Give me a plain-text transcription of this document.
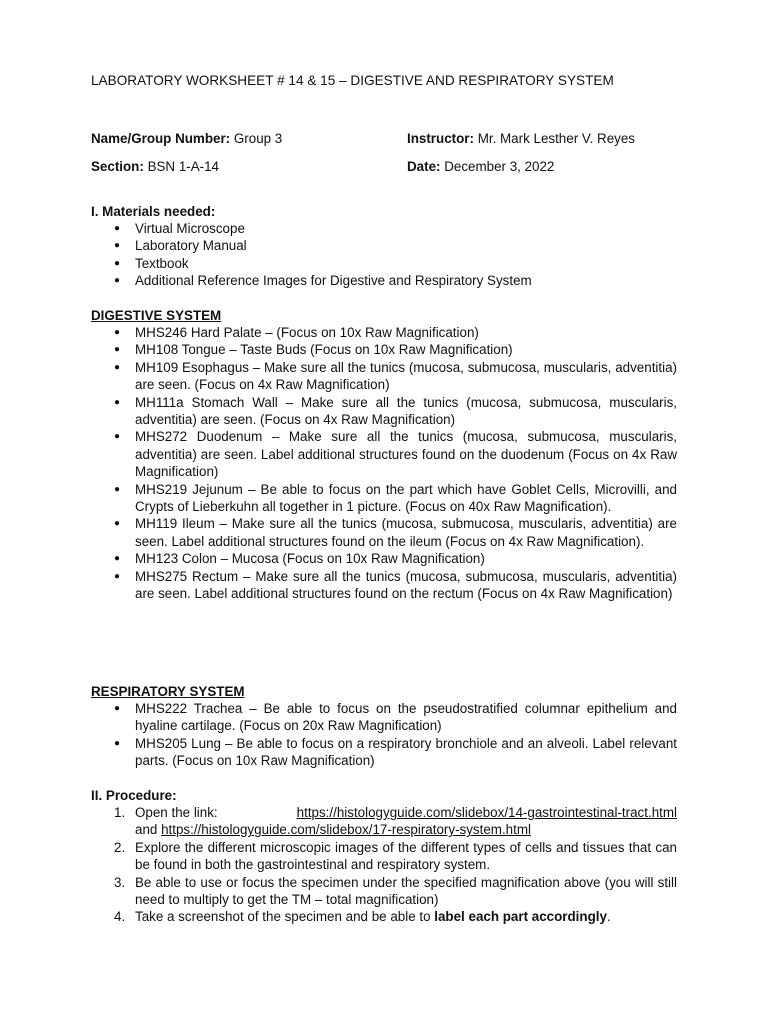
LABORATORY WORKSHEET # 14 & 15 – DIGESTIVE AND RESPIRATORY SYSTEM
Name/Group Number: Group 3	Instructor: Mr. Mark Lesther V. Reyes
Section: BSN 1-A-14	Date: December 3, 2022
I. Materials needed:
● Virtual Microscope
● Laboratory Manual
● Textbook
● Additional Reference Images for Digestive and Respiratory System
DIGESTIVE SYSTEM
● MHS246 Hard Palate – (Focus on 10x Raw Magnification)
● MH108 Tongue – Taste Buds (Focus on 10x Raw Magnification)
● MH109 Esophagus – Make sure all the tunics (mucosa, submucosa, muscularis, adventitia) are seen. (Focus on 4x Raw Magnification)
● MH111a Stomach Wall – Make sure all the tunics (mucosa, submucosa, muscularis, adventitia) are seen. (Focus on 4x Raw Magnification)
● MHS272 Duodenum – Make sure all the tunics (mucosa, submucosa, muscularis, adventitia) are seen. Label additional structures found on the duodenum (Focus on 4x Raw Magnification)
● MHS219 Jejunum – Be able to focus on the part which have Goblet Cells, Microvilli, and Crypts of Lieberkuhn all together in 1 picture. (Focus on 40x Raw Magnification).
● MH119 Ileum – Make sure all the tunics (mucosa, submucosa, muscularis, adventitia) are seen. Label additional structures found on the ileum (Focus on 4x Raw Magnification).
● MH123 Colon – Mucosa (Focus on 10x Raw Magnification)
● MHS275 Rectum – Make sure all the tunics (mucosa, submucosa, muscularis, adventitia) are seen. Label additional structures found on the rectum (Focus on 4x Raw Magnification)
RESPIRATORY SYSTEM
● MHS222 Trachea – Be able to focus on the pseudostratified columnar epithelium and hyaline cartilage. (Focus on 20x Raw Magnification)
● MHS205 Lung – Be able to focus on a respiratory bronchiole and an alveoli. Label relevant parts. (Focus on 10x Raw Magnification)
II. Procedure:
1. Open the link:	https://histologyguide.com/slidebox/14-gastrointestinal-tract.html
and https://histologyguide.com/slidebox/17-respiratory-system.html
2. Explore the different microscopic images of the different types of cells and tissues that can be found in both the gastrointestinal and respiratory system.
3. Be able to use or focus the specimen under the specified magnification above (you will still need to multiply to get the TM – total magnification)
4. Take a screenshot of the specimen and be able to label each part accordingly.
